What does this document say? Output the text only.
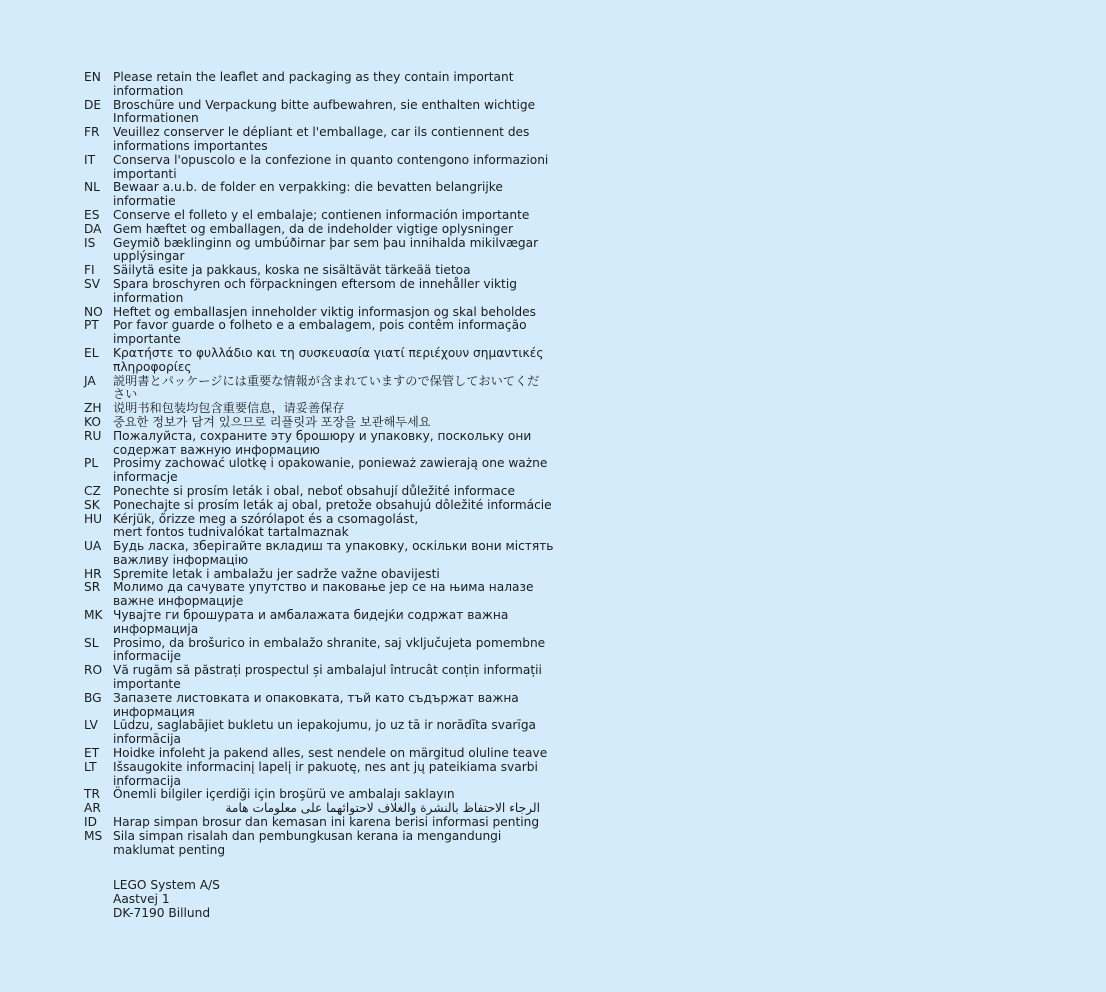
EN Please retain the leaflet and packaging as they contain important
information
DE Broschüre und Verpackung bitte aufbewahren, sie enthalten wichtige
Informationen
FR	Veuillez conserver le dépliant et l'emballage, car ils contiennent des
informations importantes
IT	Conserva l'opuscolo e la confezione in quanto contengono informazioni
importanti
NL	Bewaar a.u.b. de folder en verpakking: die bevatten belangrijke
informatie
ES	Conserve el folleto y el embalaje; contienen información importante
DA Gem hæftet og emballagen, da de indeholder vigtige oplysninger
IS	Geymið bæklinginn og umbúðirnar þar sem þau innihalda mikilvægar
upplýsingar
FI	Säilytä esite ja pakkaus, koska ne sisältävät tärkeää tietoa
SV	Spara broschyren och förpackningen eftersom de innehåller viktig
information
NO Heftet og emballasjen inneholder viktig informasjon og skal beholdes
PT	Por favor guarde o folheto e a embalagem, pois contêm informação
importante
EL	Κρατήστε το φυλλάδιο και τη συσκευασία γιατί περιέχουν σημαντικές
πληροφορίες
JA	説明書とパッケージには重要な情報が含まれていますので保管しておいてくだ
さい
ZH 说明书和包装均包含重要信息，请妥善保存
KO 중요한 정보가 담겨 있으므로 리플릿과 포장을 보관해두세요
RU Пожалуйста, сохраните эту брошюру и упаковку, поскольку они
содержат важную информацию
PL	Prosimy zachować ulotkę i opakowanie, ponieważ zawierają one ważne
informacje
CZ Ponechte si prosím leták i obal, neboť obsahují důležité informace
SK	Ponechajte si prosím leták aj obal, pretože obsahujú dôležité informácie
HU Kérjük, őrizze meg a szórólapot és a csomagolást,
mert fontos tudnivalókat tartalmaznak
UA Будь ласка, зберігайте вкладиш та упаковку, оскільки вони містять
важливу інформацію
HR Spremite letak i ambalažu jer sadrže važne obavijesti
SR	Молимо да сачувате упутство и паковање јер се на њима налазе
важне информације
MK Чувајте ги брошурата и амбалажата бидејќи содржат важна
информација
SL	Prosimo, da brošurico in embalažo shranite, saj vključujeta pomembne
informacije
RO Vă rugăm să păstrați prospectul și ambalajul întrucât conțin informații
importante
BG Запазете листовката и опаковката, тъй като съдържат важна
информация
LV	Lūdzu, saglabājiet bukletu un iepakojumu, jo uz tā ir norādīta svarīga
informācija
ET	Hoidke infoleht ja pakend alles, sest nendele on märgitud oluline teave
LT	Išsaugokite informacinį lapelį ir pakuotę, nes ant jų pateikiama svarbi
informacija
TR	Önemli bilgiler içerdiği için broşürü ve ambalajı saklayın
AR	الرجاء الاحتفاظ بالنشرة والغلاف لاحتوائهما على معلومات هامة
ID	Harap simpan brosur dan kemasan ini karena berisi informasi penting
MS Sila simpan risalah dan pembungkusan kerana ia mengandungi
maklumat penting
LEGO System A/S
Aastvej 1
DK-7190 Billund
